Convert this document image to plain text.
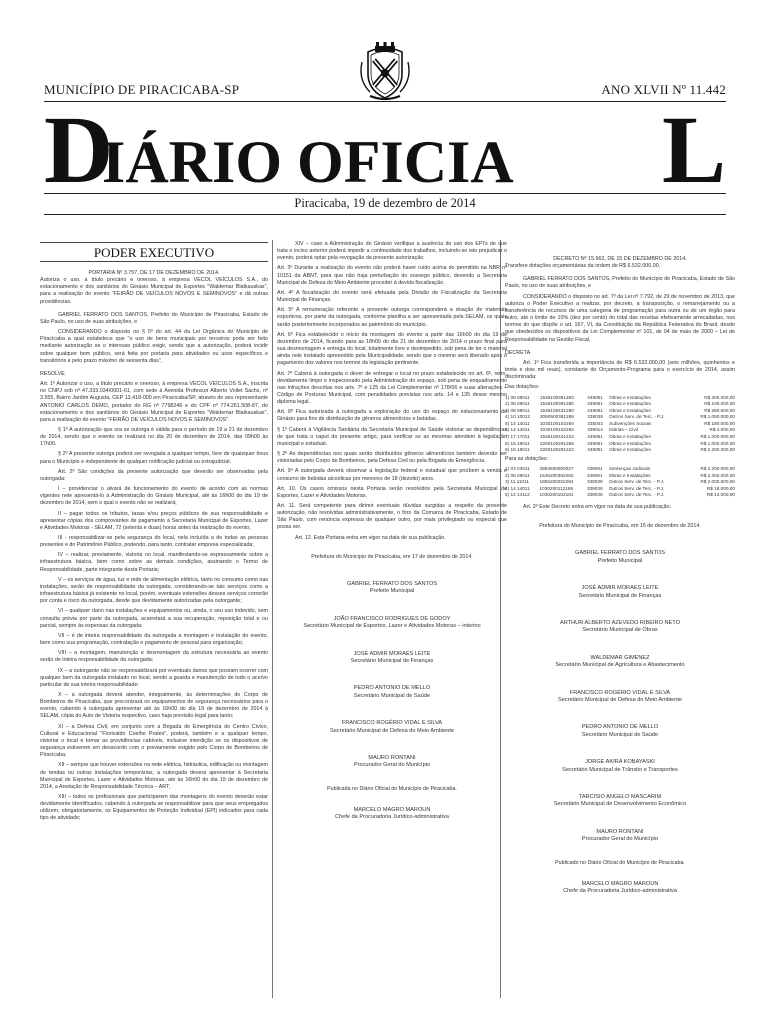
MUNICÍPIO DE PIRACICABA-SP	ANO XLVII Nº 11.442
D
IÁRIO OFICIA L
Piracicaba, 19 de dezembro de 2014
PODER EXECUTIVO

PORTARIA Nº 3.757, DE 17 DE DEZEMBRO DE 2014.

Autoriza o uso, a título precário e oneroso, à empresa VECOL VEÍCULOS S.A., do estacionamento e dos sanitários do Ginásio Municipal de Esportes "Waldemar Blatkauskas", para a realização do evento "FEIRÃO DE VEÍCULOS NOVOS E SEMINOVOS" e dá outras providências.

GABRIEL FERRATO DOS SANTOS, Prefeito do Município de Piracicaba, Estado de São Paulo, no uso de suas atribuições, e

CONSIDERANDO o disposto no § 5º do art. 44 da Lei Orgânica do Município de Piracicaba a qual estabelece que "o uso de bens municipais por terceiros pode ser feito mediante autorização se o interesse público exigir, sendo que a autorização, poderá incidir sobre qualquer bem público, será feita por portaria para atividades ou usos específicos e transitórios e pelo prazo máximo de sessenta dias",

RESOLVE

Art. 1º Autorizar o uso, a título precário e oneroso, à empresa VECOL VEÍCULOS S.A., inscrita no CNPJ sob nº 47.333.034/0001-61, com sede à Avenida Professor Alberto Vollet Sachs, nº 3.555, Bairro Jardim Augusta, CEP 13.418-000 em Piracicaba/SP, através de seu representante ANTONIO CARLOS DEMO, portador do RG nº 7798246 e do CPF nº 774.261.508-87, do estacionamento e dos sanitários do Ginásio Municipal de Esportes "Waldemar Blatkauskas", para a realização do evento "FEIRÃO DE VEÍCULOS NOVOS E SEMINOVOS".

§ 1º A autorização que ora se outorga é válida para o período de 19 a 21 de dezembro de 2014, sendo que o evento se realizará no dia 20 de dezembro de 2014, das 09h00 às 17h00.

§ 2º A presente outorga poderá ser revogada a qualquer tempo, livre de quaisquer ônus para o Município e independente de qualquer notificação judicial ou extrajudicial.

Art. 2º São condições da presente autorização que deverão ser observadas pela outorgada:

I – providenciar o alvará de funcionamento do evento de acordo com as normas vigentes nele apresentá-lo à Administração do Ginásio Municipal, até às 16h00 do dia 19 de dezembro de 2014, sem o qual o evento não se realizará;

II – pagar todos os tributos, taxas e/ou preços públicos de sua responsabilidade e apresentar cópias dos comprovantes de pagamento à Secretaria Municipal de Esportes, Lazer e Atividades Motoras - SELAM, 72 (setenta e duas) horas antes da realização do evento;

III - responsabilizar-se pela segurança do local, nela incluída a de todas as pessoas presentes e do Patrimônio Público, podendo, para tanto, contratar empresa especializada;

IV – realizar, previamente, vistoria no local, manifestando-se expressamente sobre a infraestrutura básica, bem como sobre as demais condições, assinando o Termo de Responsabilidade, parte integrante desta Portaria;

V – os serviços de água, luz e rede de alimentação elétrica, tanto no consumo como nas instalações, serão de responsabilidade da outorgada, considerando-se tais serviços como a infraestrutura básica já existente no local, porém, eventuais extensões desses serviços correrão por conta e risco da outorgada, desde que devidamente autorizadas pela outorgante;

VI – qualquer dano nas instalações e equipamentos ou, ainda, o seu uso indevido, sem consulta prévia por parte da outorgada, acarretará a sua recuperação, reposição total e ou parcial, sempre às expensas da outorgada;

VII – é de inteira responsabilidade da outorgada a montagem e instalação do evento, bem como sua programação, contratação e pagamento de pessoal para organização;

VIII – a montagem, manutenção e desmontagem da estrutura necessária ao evento serão de inteira responsabilidade da outorgada;

IX – a outorgante não se responsabilizará por eventuais danos que possam ocorrer com qualquer bem da outorgada instalado no local, sendo a guarda e manutenção de todo o acervo particular de sua inteira responsabilidade;

X – a outorgada deverá atender, integralmente, às determinações do Corpo de Bombeiros de Piracicaba, que preconizará os equipamentos de segurança necessários para o evento, cabendo à outorgada apresentar até às 16h00 do dia 19 de dezembro de 2014 à SELAM, cópia do Auto de Vistoria respectivo, caso haja previsão legal para tanto;

XI – a Defesa Civil, em conjunto com a Brigada de Emergência do Centro Cívico, Cultural e Educacional "Florivaldo Coelho Prates", poderá, também e a qualquer tempo, vistoriar o local e tomar as providências cabíveis, inclusive interdição se os dispositivos de segurança estiverem em desacordo com o previamente exigido pelo Corpo de Bombeiros de Piracicaba;

XII – sempre que houver extensões na rede elétrica, hidráulica, edificação ou montagem de tendas ou outras instalações temporárias, a outorgada deverá apresentar à Secretaria Municipal de Esportes, Lazer e Atividades Motoras, até às 16h00 do dia 19 de dezembro de 2014, a Anotação de Responsabilidade Técnica – ART;

XIII – todos os profissionais que participarem das montagens do evento deverão estar devidamente identificados, cabendo à outorgada se responsabilizar para que seus empregados utilizem, obrigatoriamente, os Equipamentos de Proteção Individual (EPI) indicados para cada tipo de atividade;

XIV – caso a Administração do Ginásio verifique a ausência do uso dos EPI's de que trata o inciso anterior poderá impedir a continuidade dos trabalhos, incluindo-se isto prejudicar o evento, poderá optar pela revogação da presente autorização.

Art. 3º Durante a realização do evento não poderá haver ruído acima do permitido na NBR nº 10151 da ABNT, para que não haja perturbação do sossego público, devendo a Secretaria Municipal de Defesa do Meio Ambiente proceder à devida fiscalização.

Art. 4º A fiscalização do evento será efetuada pela Divisão de Fiscalização da Secretaria Municipal de Finanças.

Art. 5º A remuneração referente a presente outorga corresponderá a doação de materiais esportivos, por parte da outorgada, conforme planilha a ser apresentada pela SELAM, os quais serão posteriormente incorporados ao patrimônio do município.

Art. 6º Fica estabelecido o início da montagem do evento a partir das 16h00 do dia 19 de dezembro de 2014, ficando para as 18h00 do dia 21 de dezembro de 2014 o prazo final para sua desmontagem e entrega do local, totalmente livre e desimpedido, sob pena de ter o material ainda nele instalado apreendido pela Municipalidade, sendo que o mesmo será liberado após o pagamento dos valores nos termos da legislação pertinente.

Art. 7º Caberá à outorgada o dever de entregar o local no prazo estabelecido no art. 6º, retro, devidamente limpo e inspecionado pela Administração do espaço, sob pena de enquadramento nas infrações descritas nos arts. 7º e 125 da Lei Complementar nº 178/06 e suas alterações – Código de Posturas Municipal, com penalidades previstas nos arts. 14 e 135 desse mesmo diploma legal.

Art. 8º Fica autorizada à outorgada a exploração do uso do espaço do estacionamento do Ginásio para fins de distribuição de gêneros alimentícios e bebidas.

§ 1º Caberá à Vigilância Sanitária da Secretaria Municipal de Saúde vistoriar as dependências de que trata o caput do presente artigo, para verificar se as mesmas atendem à legislação municipal e estadual.

§ 2º As dependências nos quais serão distribuídos gêneros alimentícios também deverão ser vistoriadas pelo Corpo de Bombeiros, pela Defesa Civil ou pela Brigada de Emergência.

Art. 9º A outorgada deverá observar a legislação federal e estadual que proíbem a venda e consumo de bebidas alcoólicas por menores de 18 (dezoito) anos.

Art. 10. Os casos omissos nesta Portaria serão resolvidos pela Secretaria Municipal de Esportes, Lazer e Atividades Motoras.

Art. 11. Será competente para dirimir eventuais dúvidas surgidas a respeito da presente autorização, não resolvidas administrativamente, o foro da Comarca de Piracicaba, Estado de São Paulo, com renúncia expressa de qualquer outro, por mais privilegiado ou especial que possa ser.

Art. 12. Esta Portaria entra em vigor na data de sua publicação.

Prefeitura do Município de Piracicaba, em 17 de dezembro de 2014.

GABRIEL FERRATO DOS SANTOS
Prefeito Municipal
JOÃO FRANCISCO RODRIGUES DE GODOY
Secretário Municipal de Esportes, Lazer e Atividades Motoras – interino
JOSÉ ADMIR MORAES LEITE
Secretário Municipal de Finanças
PEDRO ANTONIO DE MELLO
Secretário Municipal de Saúde
FRANCISCO ROGÉRIO VIDAL E SILVA
Secretário Municipal de Defesa do Meio Ambiente
MAURO RONTANI
Procurador Geral do Município

Publicada no Diário Oficial do Município de Piracicaba.

MARCELO MAGRO MAROUN
Chefe da Procuradoria Jurídico-administrativa

DECRETO Nº 15.962, DE 15 DE DEZEMBRO DE 2014.

Transfere dotações orçamentárias da ordem de R$ 6.532.000,00.

GABRIEL FERRATO DOS SANTOS, Prefeito do Município de Piracicaba, Estado de São Paulo, no uso de suas atribuições, e

CONSIDERANDO o disposto no art. 7º da Lei nº 7.792, de 29 de novembro de 2013, que autoriza o Poder Executivo a realizar, por decreto, a transposição, o remanejamento ou a transferência de recursos de uma categoria de programação para outra ou de um órgão para outro, até o limite de 10% (dez por cento) do total das receitas efetivamente arrecadadas, nos termos do que dispõe o art. 167, VI, da Constituição da República Federativa do Brasil, desde que obedecidos os dispositivos da Lei Complementar nº 101, de 04 de maio de 2000 – Lei de Responsabilidade na Gestão Fiscal,

DECRETA

Art. 1º Fica transferida a importância de R$ 6.532.000,00 (seis milhões, quinhentos e trinta e dois mil reais), constante do Orçamento-Programa para o exercício de 2014, assim discriminada:

Das dotações:

1) 08 08011	1545100391260	449051	Obras e Instalações	R$ 300.000,00
2) 08 08011	1545100391280	449051	Obras e Instalações	R$ 100.000,00
3) 08 08011	1545100431280	449051	Obras e Instalações	R$ 280.000,00
4) 10 10012	2060500381289	339039	Outros Serv. de Terc. - P.J.	R$ 1.050.000,00
5) 14 14011	1030100102260	335043	Subvenções Sociais	R$ 180.000,00
6) 14 14011	1030100102282	339014	Diárias – Civil	R$ 4.000,00
7) 17 17011	1545100441222	449051	Obras e Instalações	R$ 1.000.000,00
8) 18 18011	2260100291266	449051	Obras e Instalações	R$ 1.000.000,00
9) 18 18011	2260100291222	449051	Obras e Instalações	R$ 2.200.000,00

Para as dotações:

1) 03 03011	2884600000027	339091	Sentenças Judiciais	R$ 2.200.000,00
2) 08 08011	1545200392282	449051	Obras e Instalações	R$ 2.300.000,00
3) 11 11011	1856200262284	339039	Outros Serv. de Terc. - P.J.	R$ 2.000.000,00
4) 14 14011	1030200112186	339039	Outros Serv. de Terc. - P.J.	R$ 18.000,00
5) 14 14112	1030200102181	339039	Outros Serv. de Terc. - P.J.	R$ 14.000,00

Art. 2º Este Decreto entra em vigor na data de sua publicação.

Prefeitura do Município de Piracicaba, em 15 de dezembro de 2014.

GABRIEL FERRATO DOS SANTOS
Prefeito Municipal
JOSÉ ADMIR MORAES LEITE
Secretário Municipal de Finanças
ARTHUR ALBERTO AZEVEDO RIBEIRO NETO
Secretário Municipal de Obras
WALDEMAR GIMENEZ
Secretário Municipal de Agricultura e Abastecimento
FRANCISCO ROGÉRIO VIDAL E SILVA
Secretário Municipal de Defesa do Meio Ambiente
PEDRO ANTONIO DE MELLO
Secretário Municipal de Saúde
JORGE AKIRA KOBAYASKI
Secretário Municipal de Trânsito e Transportes
TARCISIO ANGELO MASCARIM
Secretário Municipal de Desenvolvimento Econômico
MAURO RONTANI
Procurador Geral do Município

Publicado no Diário Oficial do Município de Piracicaba.

MARCELO MAGRO MAROUN
Chefe da Procuradoria Jurídico-administrativa
